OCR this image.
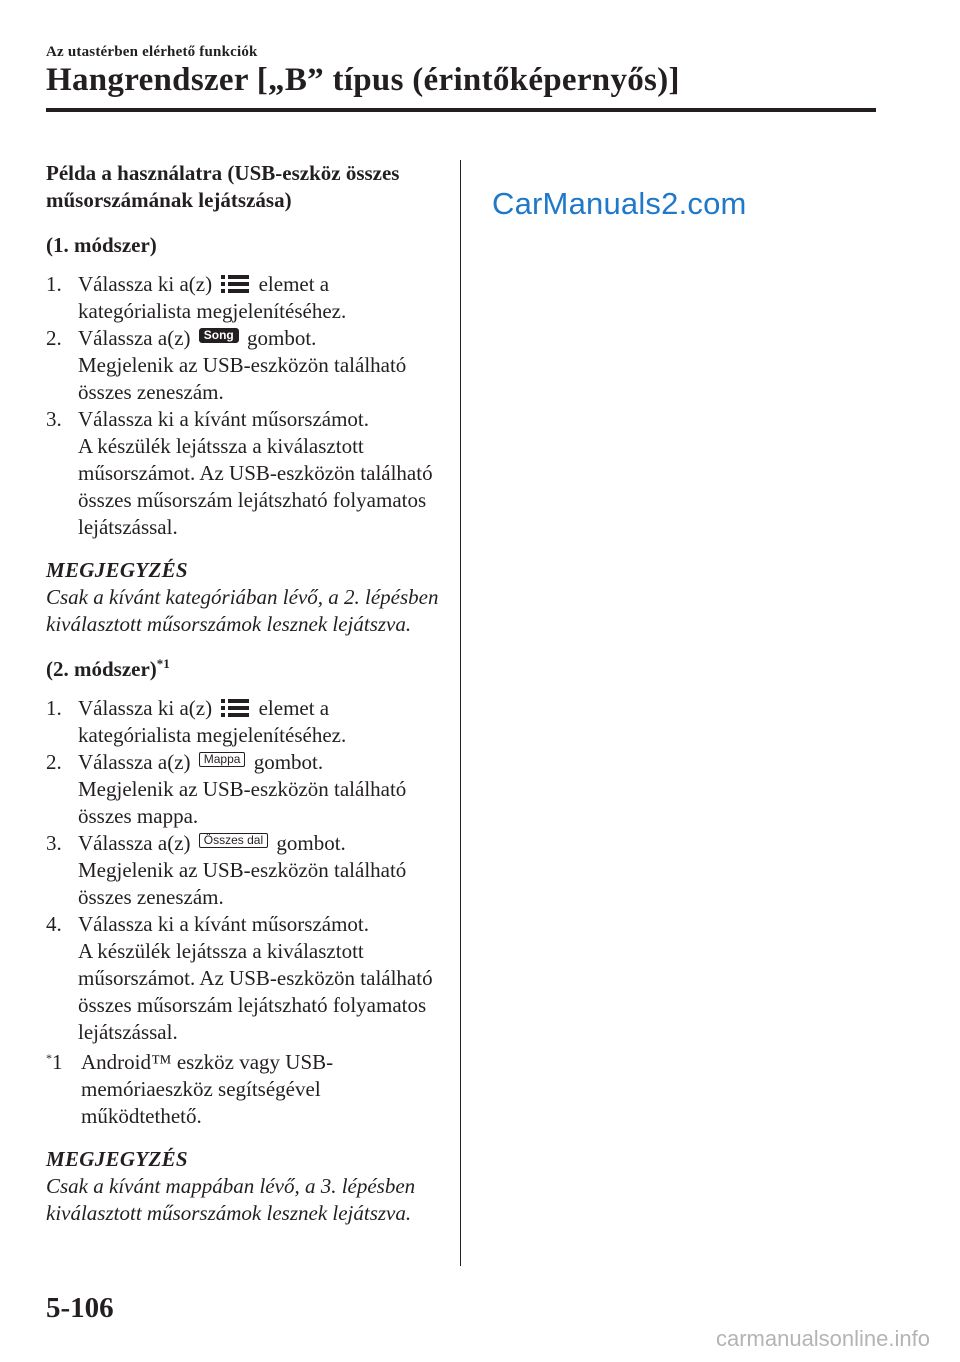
Az utastérben elérhető funkciók
Hangrendszer [„B” típus (érintőképernyős)]

Példa a használatra (USB-eszköz összes műsorszámának lejátszása)

(1. módszer)

1. Válassza ki a(z) elemet a kategórialista megjelenítéséhez.

2. Válassza a(z) Song gombot.
Megjelenik az USB-eszközön található összes zeneszám.

3. Válassza ki a kívánt műsorszámot.
A készülék lejátssza a kiválasztott műsorszámot. Az USB-eszközön található összes műsorszám lejátszható folyamatos lejátszással.

MEGJEGYZÉS
Csak a kívánt kategóriában lévő, a 2. lépésben kiválasztott műsorszámok lesznek lejátszva.

(2. módszer)$^{*1}$

1. Válassza ki a(z) elemet a kategórialista megjelenítéséhez.

2. Válassza a(z) Mappa gombot.
Megjelenik az USB-eszközön található összes mappa.

3. Válassza a(z) Összes dal gombot.
Megjelenik az USB-eszközön található összes zeneszám.

4. Válassza ki a kívánt műsorszámot.
A készülék lejátssza a kiválasztott műsorszámot. Az USB-eszközön található összes műsorszám lejátszható folyamatos lejátszással.

*1 Android™ eszköz vagy USB-memóriaeszköz segítségével működtethető.
MEGJEGYZÉS
Csak a kívánt mappában lévő, a 3. lépésben kiválasztott műsorszámok lesznek lejátszva.
CarManuals2.com
5-106
carmanualsonline.info
